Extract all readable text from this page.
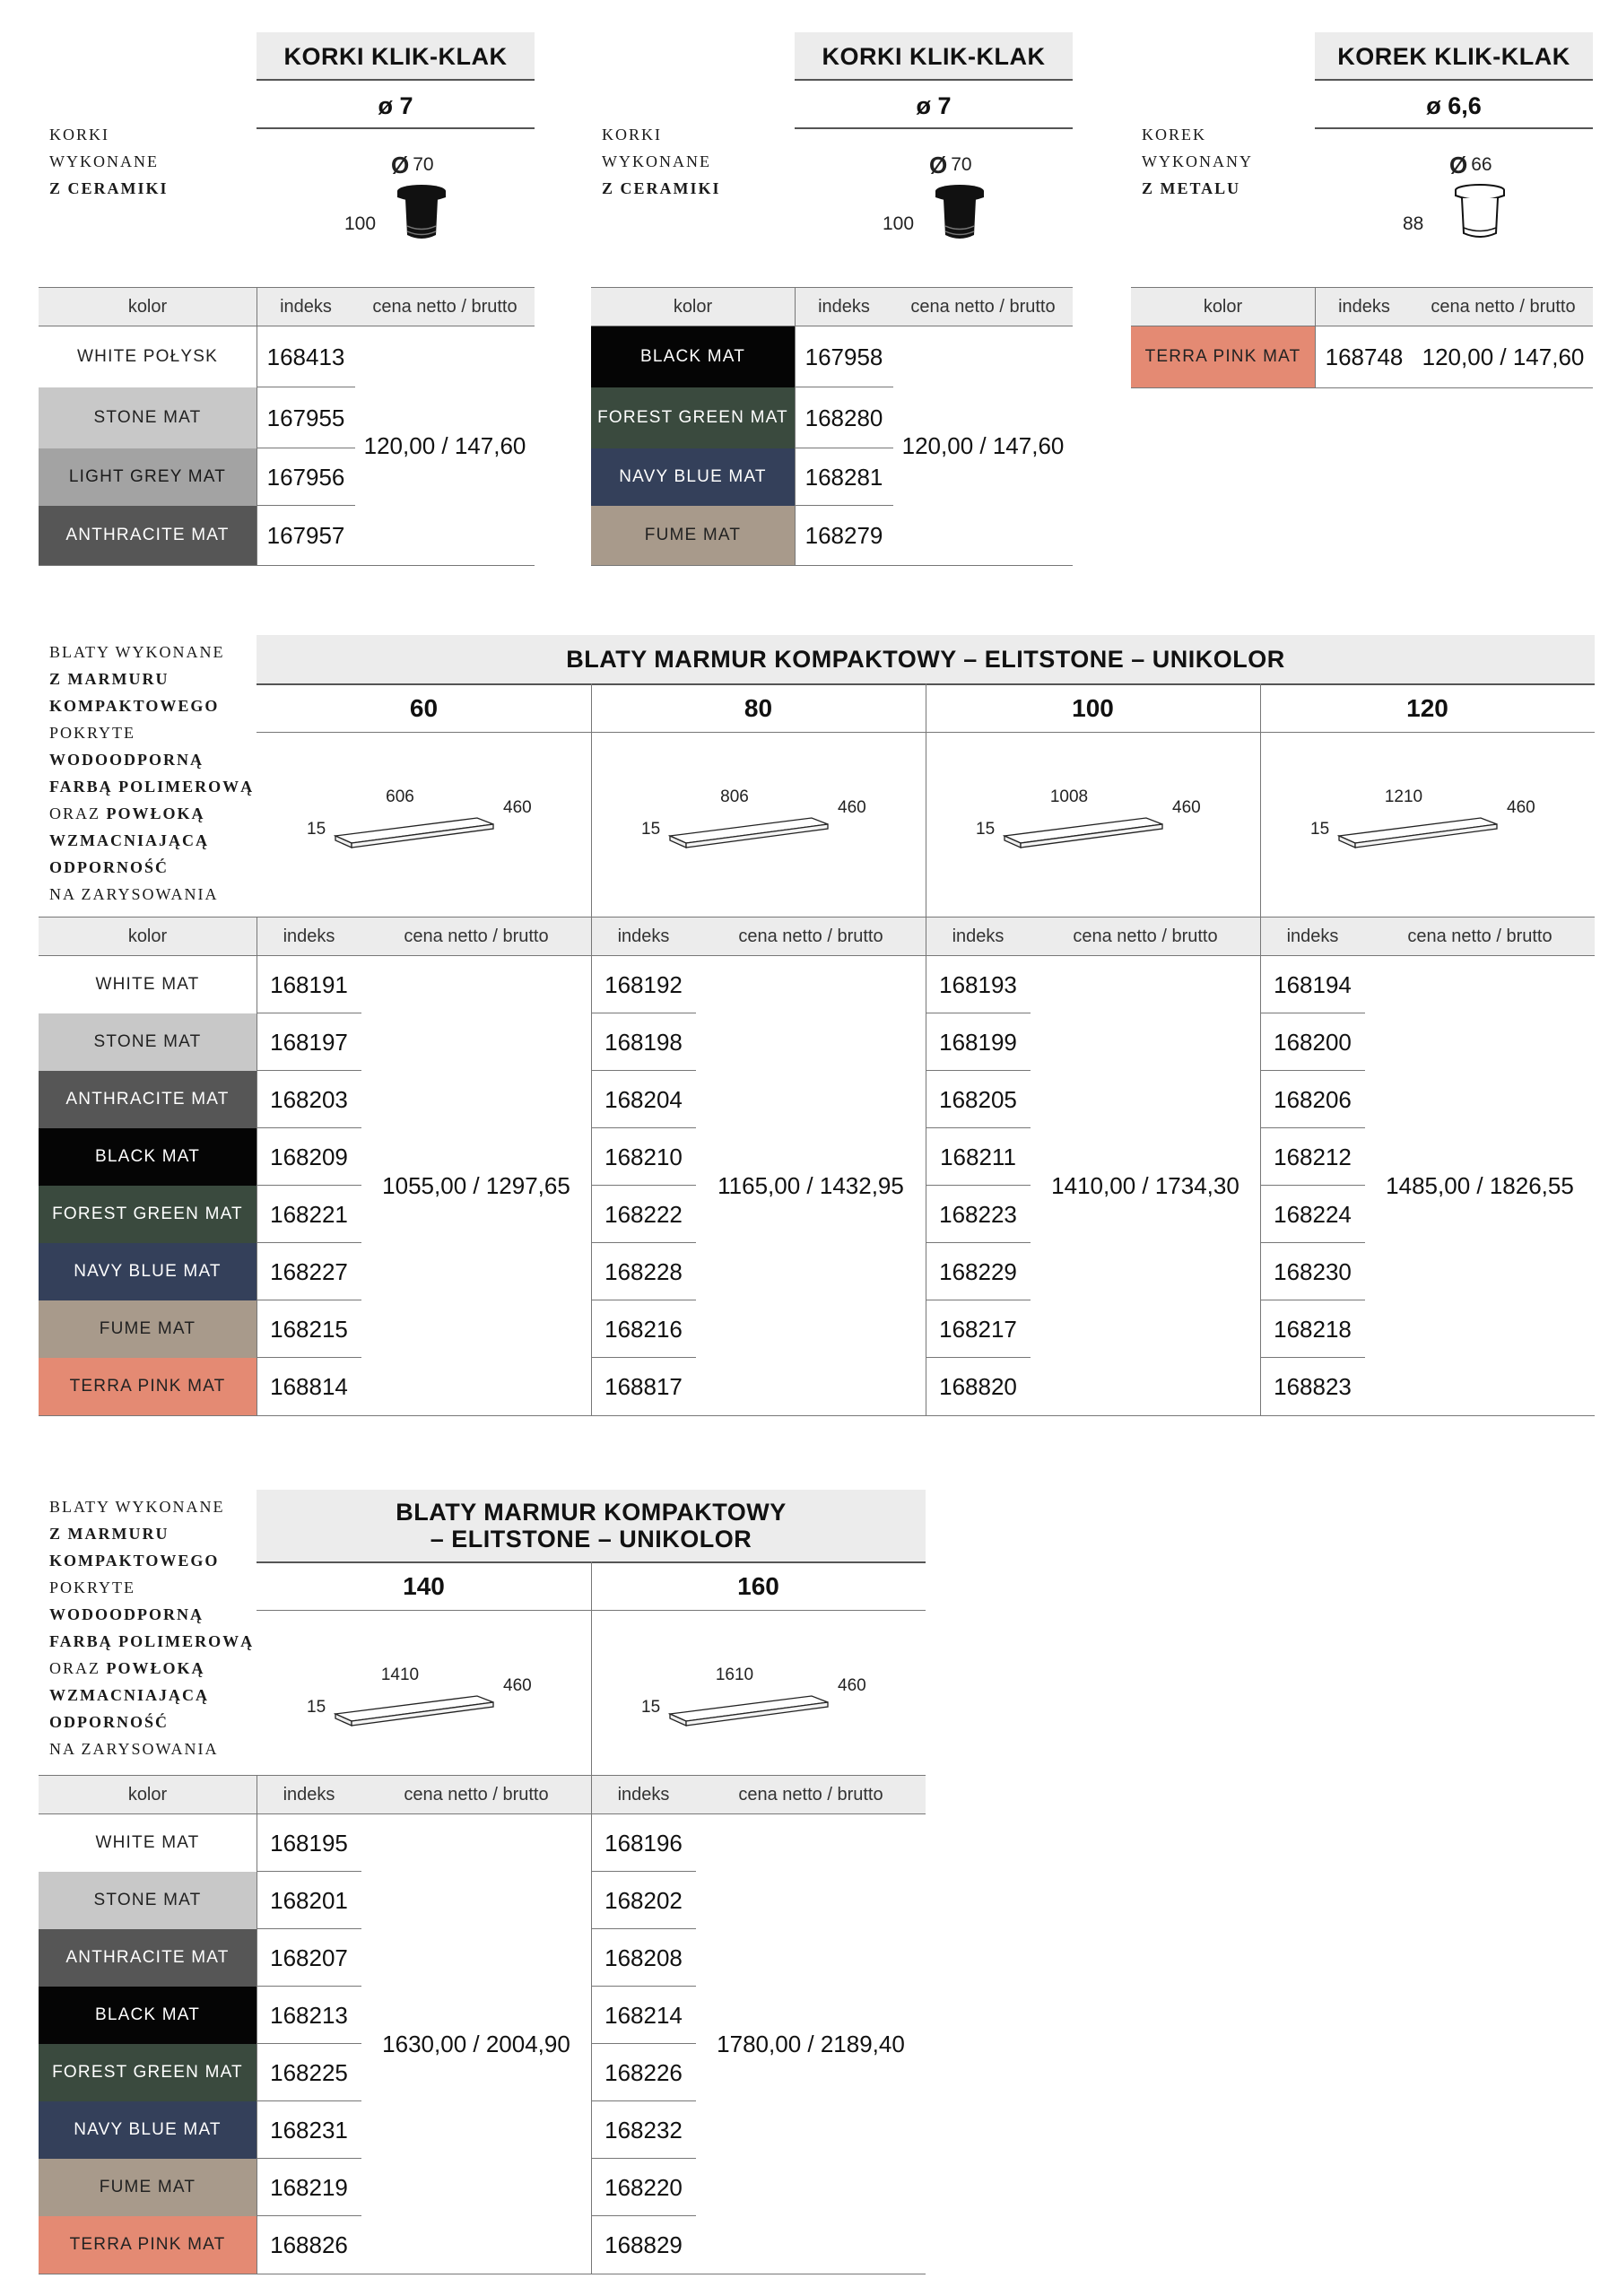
KORKI
WYKONANE
Z CERAMIKI
KORKI KLIK-KLAK
ø 7
Ø 70
100
kolor	indeks	cena netto / brutto
WHITE POŁYSK	168413
STONE MAT	167955
LIGHT GREY MAT	167956
ANTHRACITE MAT	167957
120,00 / 147,60
KORKI
WYKONANE
Z CERAMIKI
KORKI KLIK-KLAK
ø 7
Ø 70
100
kolor	indeks	cena netto / brutto
BLACK MAT	167958
FOREST GREEN MAT 168280
NAVY BLUE MAT	168281
FUME MAT	168279
120,00 / 147,60
KOREK
WYKONANY
Z METALU
KOREK KLIK-KLAK
ø 6,6
Ø 66
88
kolor	indeks	cena netto / brutto
TERRA PINK MAT	168748 120,00 / 147,60
BLATY WYKONANE
Z MARMURU
KOMPAKTOWEGO
POKRYTE
WODOODPORNĄ
FARBĄ POLIMEROWĄ
ORAZ POWŁOKĄ
WZMACNIAJĄCĄ
ODPORNOŚĆ
NA ZARYSOWANIA
BLATY MARMUR KOMPAKTOWY – ELITSTONE – UNIKOLOR
60	80	100	120
606
460
15
806
460
15
1008
460
15
1210
460
15
kolor	indeks	cena netto / brutto	indeks	cena netto / brutto	indeks	cena netto / brutto	indeks	cena netto / brutto
WHITE MAT	168191	168192	168193	168194
STONE MAT	168197	168198	168199	168200
ANTHRACITE MAT	168203	168204	168205	168206
BLACK MAT	168209	168210	168211	168212
FOREST GREEN MAT	168221	168222	168223	168224
NAVY BLUE MAT	168227	168228	168229	168230
FUME MAT	168215	168216	168217	168218
TERRA PINK MAT	168814	168817	168820	168823
1055,00 / 1297,65	1165,00 / 1432,95	1410,00 / 1734,30	1485,00 / 1826,55
BLATY WYKONANE
Z MARMURU
KOMPAKTOWEGO
POKRYTE
WODOODPORNĄ
FARBĄ POLIMEROWĄ
ORAZ POWŁOKĄ
WZMACNIAJĄCĄ
ODPORNOŚĆ
NA ZARYSOWANIA
BLATY MARMUR KOMPAKTOWY
– ELITSTONE – UNIKOLOR
140	160
1410
460
15
1610
460
15
kolor	indeks	cena netto / brutto	indeks	cena netto / brutto
WHITE MAT	168195	168196
STONE MAT	168201	168202
ANTHRACITE MAT	168207	168208
BLACK MAT	168213	168214
FOREST GREEN MAT	168225	168226
NAVY BLUE MAT	168231	168232
FUME MAT	168219	168220
TERRA PINK MAT	168826	168829
1630,00 / 2004,90	1780,00 / 2189,40
